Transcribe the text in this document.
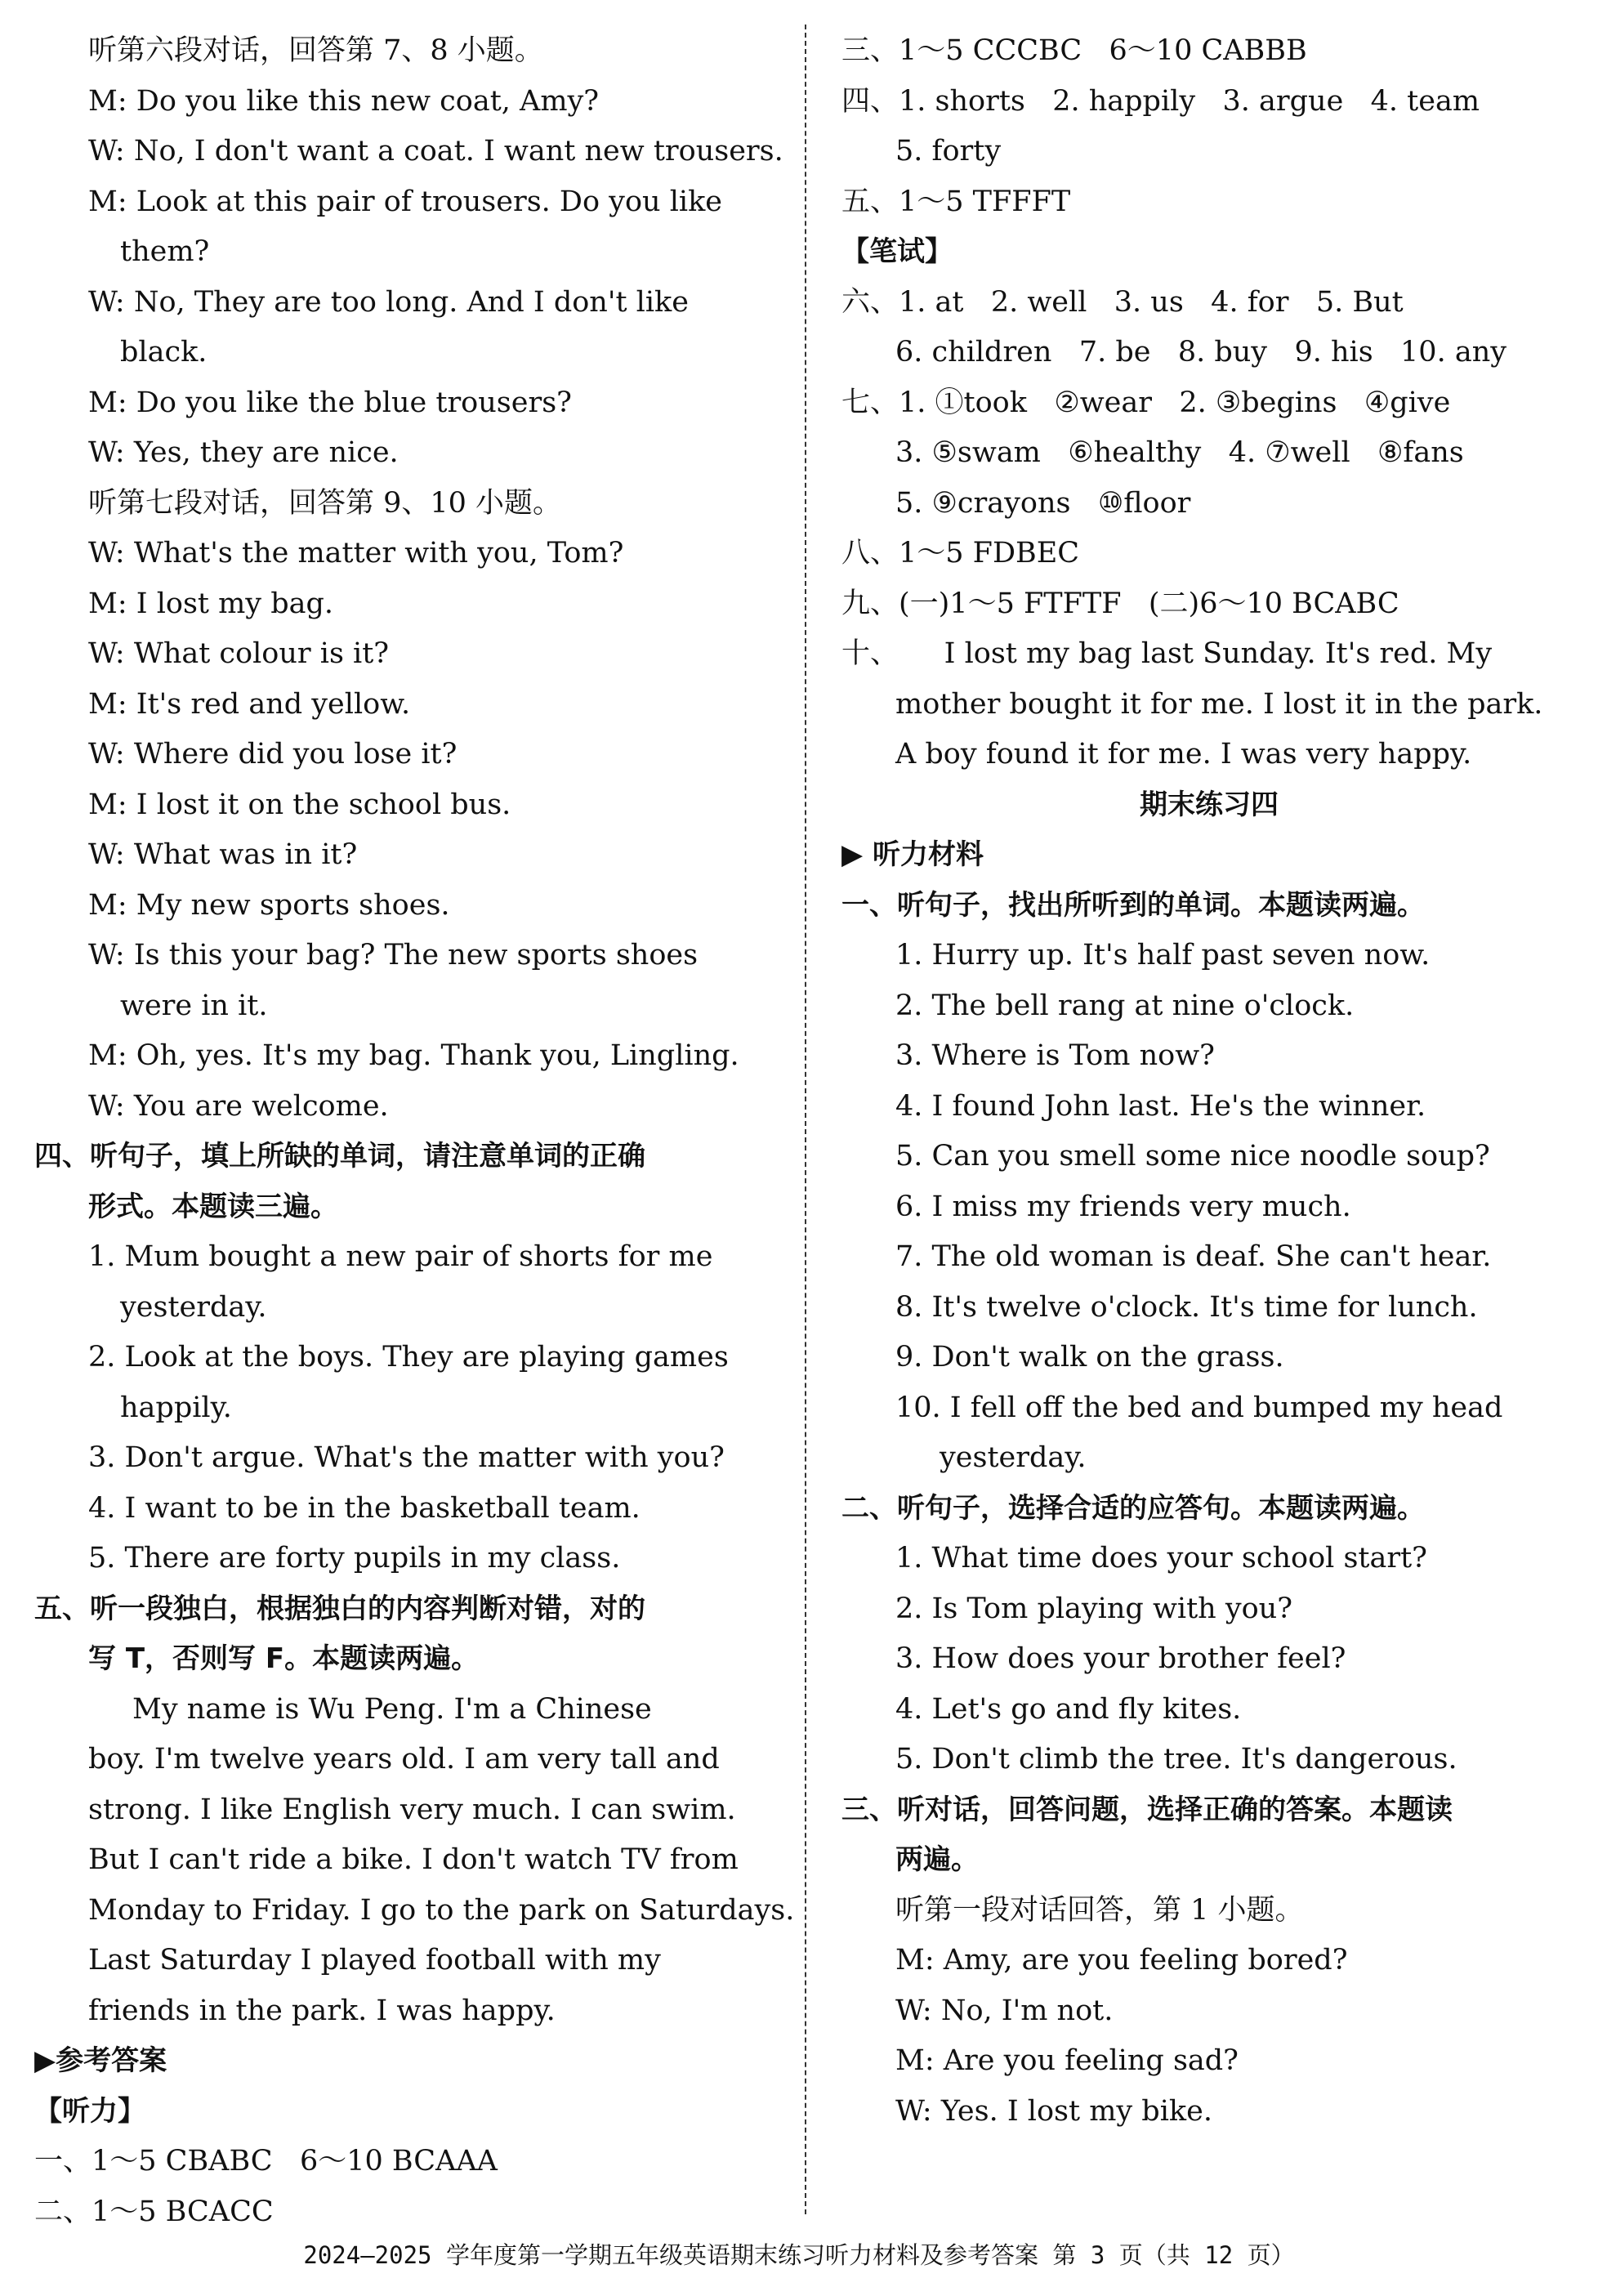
听第六段对话，回答第 7、8 小题。
M: Do you like this new coat, Amy?
W: No, I don't want a coat. I want new trousers.
M: Look at this pair of trousers. Do you like
them?
W: No, They are too long. And I don't like
black.
M: Do you like the blue trousers?
W: Yes, they are nice.
听第七段对话，回答第 9、10 小题。
W: What's the matter with you, Tom?
M: I lost my bag.
W: What colour is it?
M: It's red and yellow.
W: Where did you lose it?
M: I lost it on the school bus.
W: What was in it?
M: My new sports shoes.
W: Is this your bag? The new sports shoes
were in it.
M: Oh, yes. It's my bag. Thank you, Lingling.
W: You are welcome.
四、听句子，填上所缺的单词，请注意单词的正确
形式。本题读三遍。
1. Mum bought a new pair of shorts for me
yesterday.
2. Look at the boys. They are playing games
happily.
3. Don't argue. What's the matter with you?
4. I want to be in the basketball team.
5. There are forty pupils in my class.
五、听一段独白，根据独白的内容判断对错，对的
写 T，否则写 F。本题读两遍。
My name is Wu Peng. I'm a Chinese
boy. I'm twelve years old. I am very tall and
strong. I like English very much. I can swim.
But I can't ride a bike. I don't watch TV from
Monday to Friday. I go to the park on Saturdays.
Last Saturday I played football with my
friends in the park. I was happy.
▶参考答案
【听力】
一、1～5 CBABC   6～10 BCAAA
二、1～5 BCACC
三、1～5 CCCBC   6～10 CABBB
四、1. shorts   2. happily   3. argue   4. team
5. forty
五、1～5 TFFFT
【笔试】
六、1. at   2. well   3. us   4. for   5. But
6. children   7. be   8. buy   9. his   10. any
七、1. ①took   ②wear   2. ③begins   ④give
3. ⑤swam   ⑥healthy   4. ⑦well   ⑧fans
5. ⑨crayons   ⑩floor
八、1～5 FDBEC
九、(一)1～5 FTFTF   (二)6～10 BCABC
十、     I lost my bag last Sunday. It's red. My
mother bought it for me. I lost it in the park.
A boy found it for me. I was very happy.
期末练习四
▶ 听力材料
一、听句子，找出所听到的单词。本题读两遍。
1. Hurry up. It's half past seven now.
2. The bell rang at nine o'clock.
3. Where is Tom now?
4. I found John last. He's the winner.
5. Can you smell some nice noodle soup?
6. I miss my friends very much.
7. The old woman is deaf. She can't hear.
8. It's twelve o'clock. It's time for lunch.
9. Don't walk on the grass.
10. I fell off the bed and bumped my head
yesterday.
二、听句子，选择合适的应答句。本题读两遍。
1. What time does your school start?
2. Is Tom playing with you?
3. How does your brother feel?
4. Let's go and fly kites.
5. Don't climb the tree. It's dangerous.
三、听对话，回答问题，选择正确的答案。本题读
两遍。
听第一段对话回答，第 1 小题。
M: Amy, are you feeling bored?
W: No, I'm not.
M: Are you feeling sad?
W: Yes. I lost my bike.
2024—2025 学年度第一学期五年级英语期末练习听力材料及参考答案 第 3 页（共 12 页）
